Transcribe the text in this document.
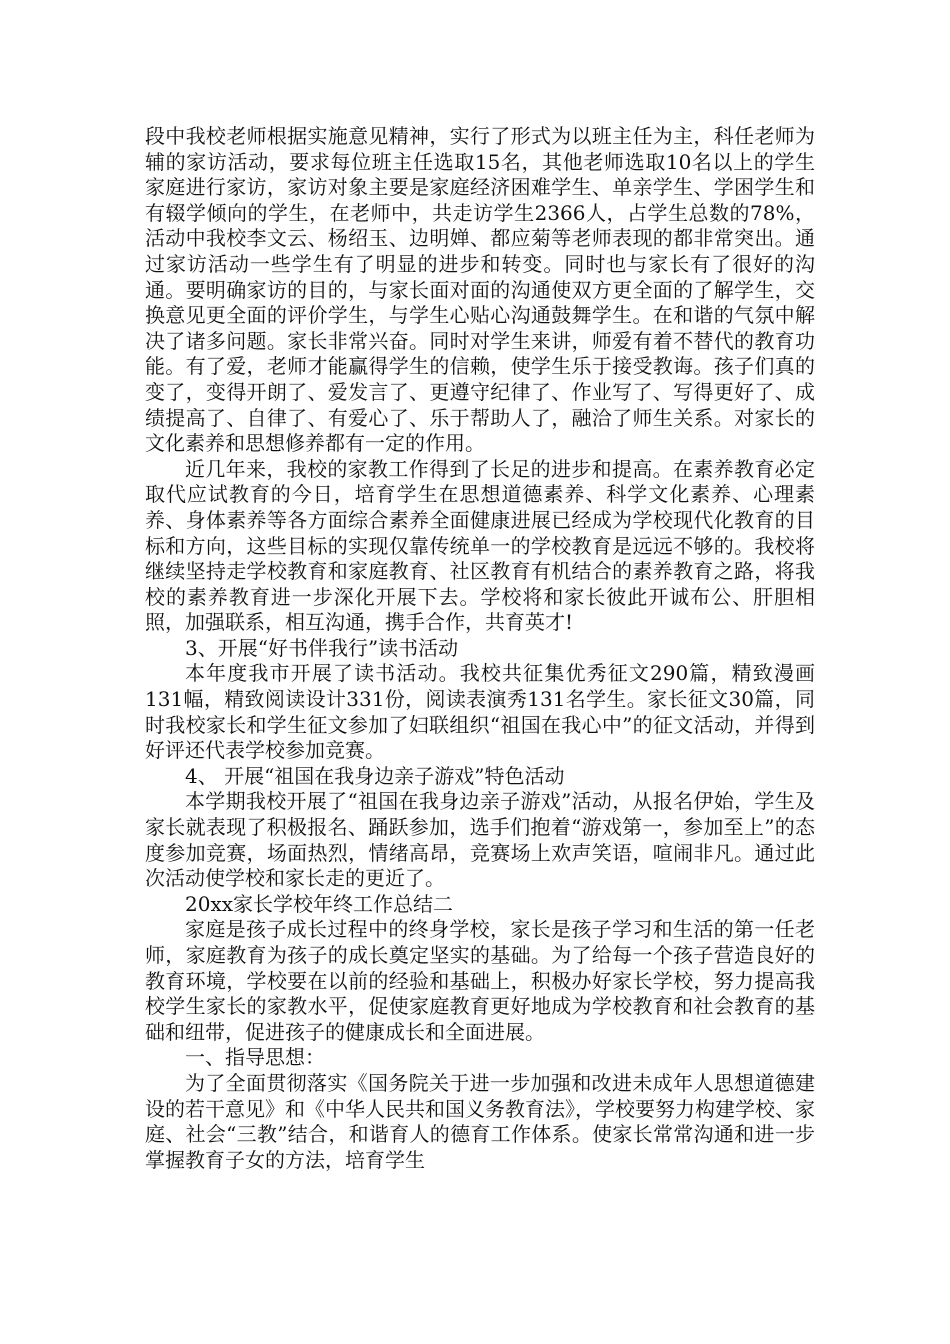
段中我校老师根据实施意见精神，实行了形式为以班主任为主，科任老师为辅的家访活动，要求每位班主任选取15名，其他老师选取10名以上的学生家庭进行家访，家访对象主要是家庭经济困难学生、单亲学生、学困学生和有辍学倾向的学生，在老师中，共走访学生2366人，占学生总数的78%，活动中我校李文云、杨绍玉、边明婵、都应菊等老师表现的都非常突出。通过家访活动一些学生有了明显的进步和转变。同时也与家长有了很好的沟通。要明确家访的目的，与家长面对面的沟通使双方更全面的了解学生，交换意见更全面的评价学生，与学生心贴心沟通鼓舞学生。在和谐的气氛中解决了诸多问题。家长非常兴奋。同时对学生来讲，师爱有着不替代的教育功能。有了爱，老师才能赢得学生的信赖，使学生乐于接受教诲。孩子们真的变了，变得开朗了、爱发言了、更遵守纪律了、作业写了、写得更好了、成绩提高了、自律了、有爱心了、乐于帮助人了，融洽了师生关系。对家长的文化素养和思想修养都有一定的作用。

近几年来，我校的家教工作得到了长足的进步和提高。在素养教育必定取代应试教育的今日，培育学生在思想道德素养、科学文化素养、心理素养、身体素养等各方面综合素养全面健康进展已经成为学校现代化教育的目标和方向，这些目标的实现仅靠传统单一的学校教育是远远不够的。我校将继续坚持走学校教育和家庭教育、社区教育有机结合的素养教育之路，将我校的素养教育进一步深化开展下去。学校将和家长彼此开诚布公、肝胆相照，加强联系，相互沟通，携手合作，共育英才!

3、开展“好书伴我行”读书活动

本年度我市开展了读书活动。我校共征集优秀征文290篇，精致漫画131幅，精致阅读设计331份，阅读表演秀131名学生。家长征文30篇，同时我校家长和学生征文参加了妇联组织“祖国在我心中”的征文活动，并得到好评还代表学校参加竞赛。

4、 开展“祖国在我身边亲子游戏”特色活动

本学期我校开展了“祖国在我身边亲子游戏”活动，从报名伊始，学生及家长就表现了积极报名、踊跃参加，选手们抱着“游戏第一，参加至上”的态度参加竞赛，场面热烈，情绪高昂，竞赛场上欢声笑语，喧闹非凡。通过此次活动使学校和家长走的更近了。

20xx家长学校年终工作总结二

家庭是孩子成长过程中的终身学校，家长是孩子学习和生活的第一任老师，家庭教育为孩子的成长奠定坚实的基础。为了给每一个孩子营造良好的教育环境，学校要在以前的经验和基础上，积极办好家长学校，努力提高我校学生家长的家教水平，促使家庭教育更好地成为学校教育和社会教育的基础和纽带，促进孩子的健康成长和全面进展。

一、指导思想：

为了全面贯彻落实《国务院关于进一步加强和改进未成年人思想道德建设的若干意见》和《中华人民共和国义务教育法》，学校要努力构建学校、家庭、社会“三教”结合，和谐育人的德育工作体系。使家长常常沟通和进一步掌握教育子女的方法，培育学生
